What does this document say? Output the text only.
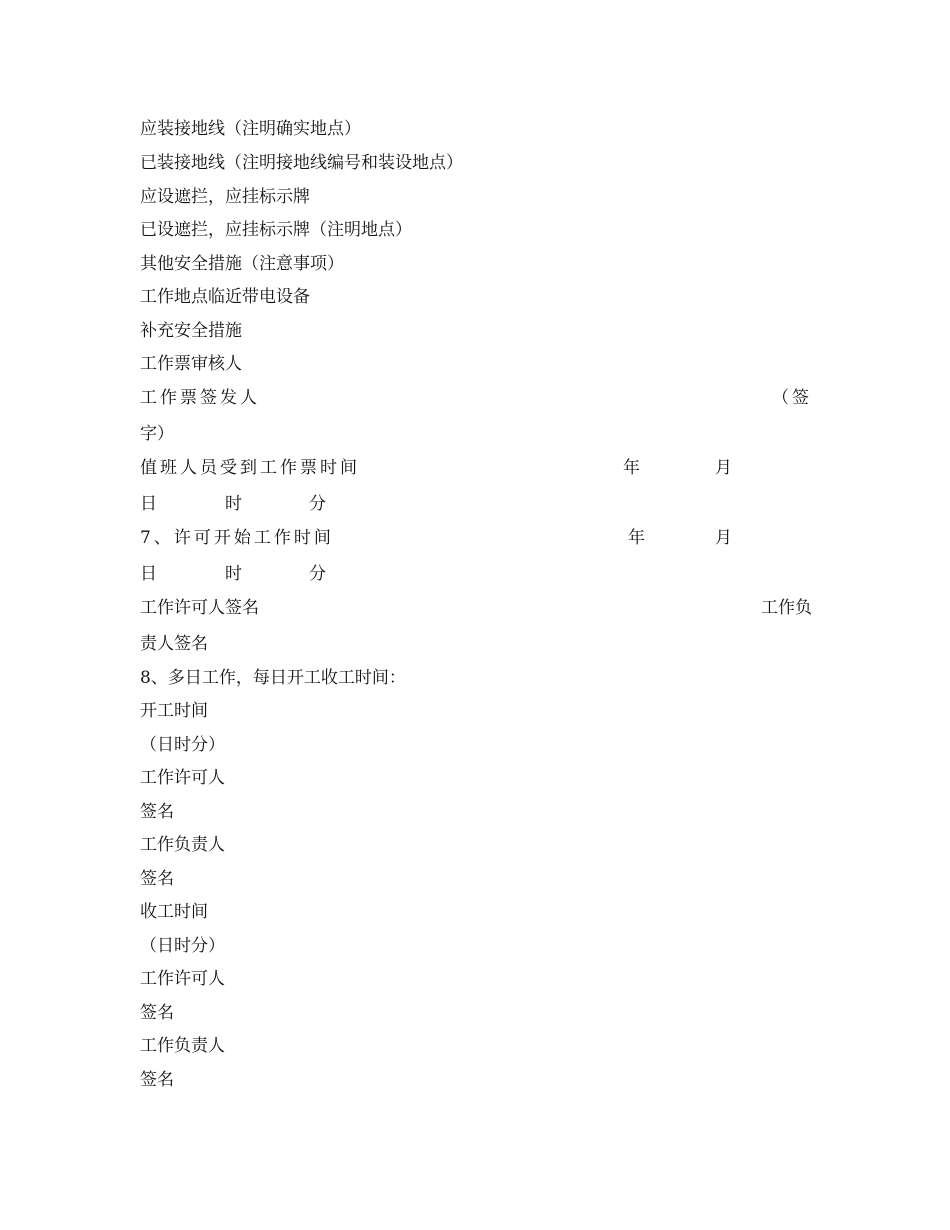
应装接地线（注明确实地点）
已装接地线（注明接地线编号和装设地点）
应设遮拦，应挂标示牌
已设遮拦，应挂标示牌（注明地点）
其他安全措施（注意事项）
工作地点临近带电设备
补充安全措施
工作票审核人
工作票签发人	（签
字）
值班人员受到工作票时间	年	月
日	时	分
7、许可开始工作时间	年	月
日	时	分
工作许可人签名	工作负
责人签名
8、多日工作，每日开工收工时间：
开工时间
（日时分）
工作许可人
签名
工作负责人
签名
收工时间
（日时分）
工作许可人
签名
工作负责人
签名
